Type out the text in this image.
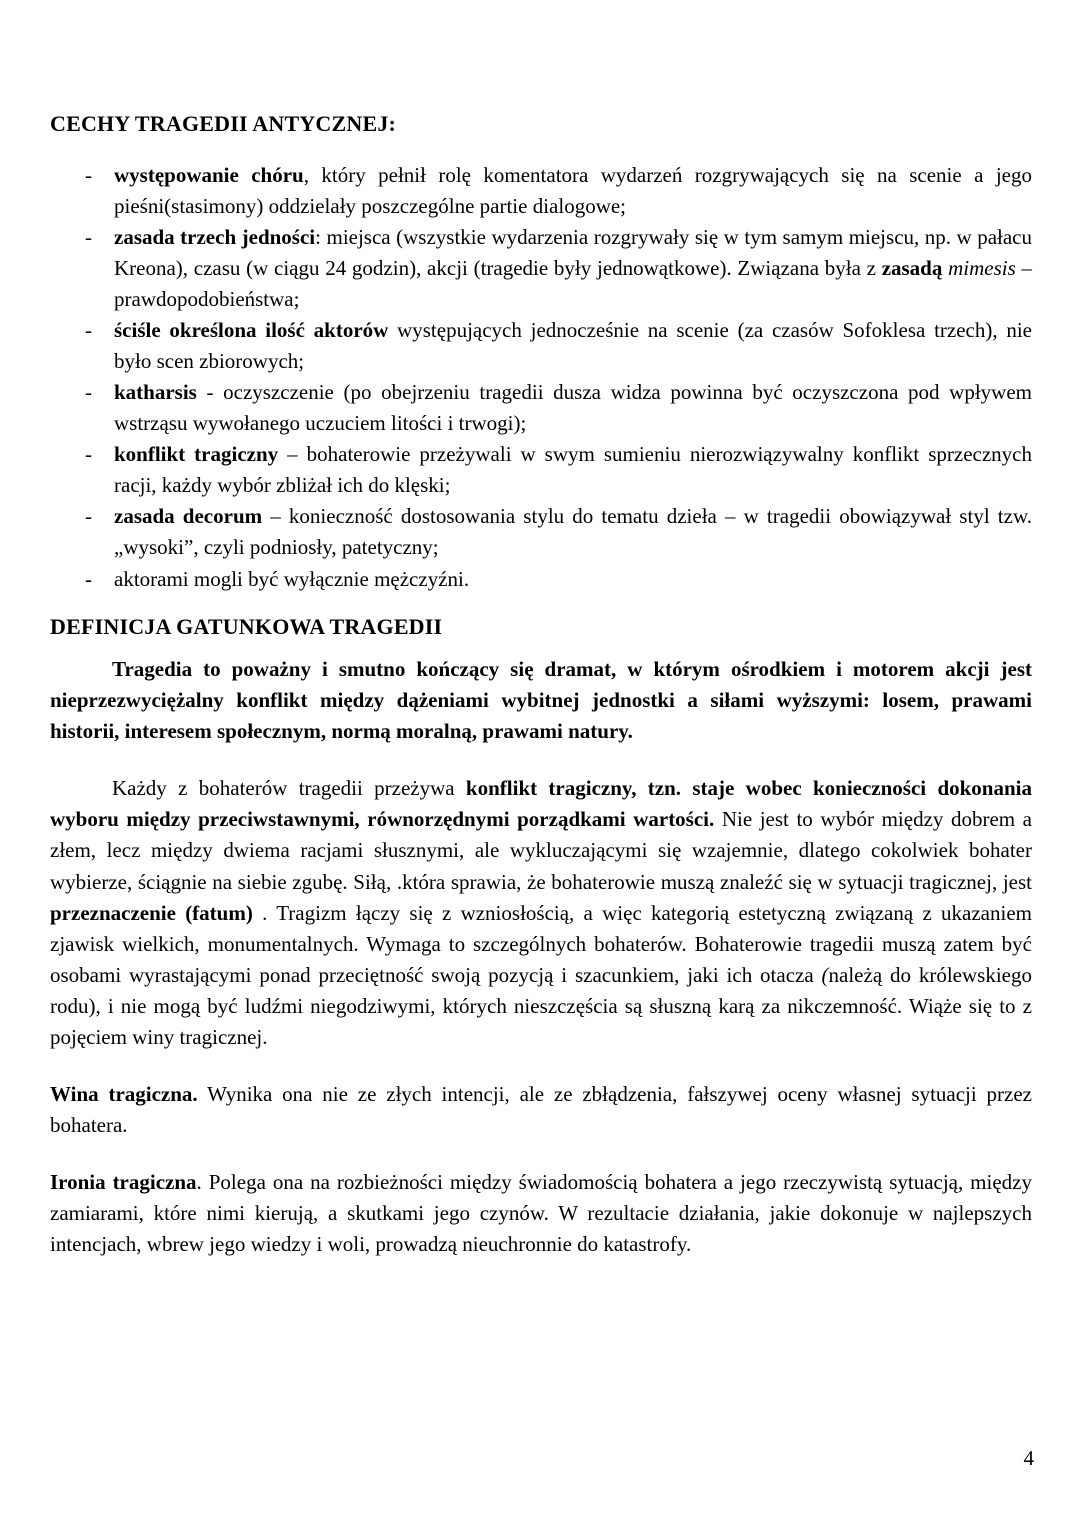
CECHY TRAGEDII ANTYCZNEJ:
- występowanie chóru, który pełnił rolę komentatora wydarzeń rozgrywających się na scenie a jego pieśni(stasimony) oddzielały poszczególne partie dialogowe;
- zasada trzech jedności: miejsca (wszystkie wydarzenia rozgrywały się w tym samym miejscu, np. w pałacu Kreona), czasu (w ciągu 24 godzin), akcji (tragedie były jednowątkowe). Związana była z zasadą mimesis – prawdopodobieństwa;
- ściśle określona ilość aktorów występujących jednocześnie na scenie (za czasów Sofoklesa trzech), nie było scen zbiorowych;
- katharsis - oczyszczenie (po obejrzeniu tragedii dusza widza powinna być oczyszczona pod wpływem wstrząsu wywołanego uczuciem litości i trwogi);
- konflikt tragiczny – bohaterowie przeżywali w swym sumieniu nierozwiązywalny konflikt sprzecznych racji, każdy wybór zbliżał ich do klęski;
- zasada decorum – konieczność dostosowania stylu do tematu dzieła – w tragedii obowiązywał styl tzw. „wysoki”, czyli podniosły, patetyczny;
- aktorami mogli być wyłącznie mężczyźni.
DEFINICJA GATUNKOWA TRAGEDII

Tragedia to poważny i smutno kończący się dramat, w którym ośrodkiem i motorem akcji jest nieprzezwyciężalny konflikt między dążeniami wybitnej jednostki a siłami wyższymi: losem, prawami historii, interesem społecznym, normą moralną, prawami natury.

Każdy z bohaterów tragedii przeżywa konflikt tragiczny, tzn. staje wobec konieczności dokonania wyboru między przeciwstawnymi, równorzędnymi porządkami wartości. Nie jest to wybór między dobrem a złem, lecz między dwiema racjami słusznymi, ale wykluczającymi się wzajemnie, dlatego cokolwiek bohater wybierze, ściągnie na siebie zgubę. Siłą, .która sprawia, że bohaterowie muszą znaleźć się w sytuacji tragicznej, jest przeznaczenie (fatum) . Tragizm łączy się z wzniosłością, a więc kategorią estetyczną związaną z ukazaniem zjawisk wielkich, monumentalnych. Wymaga to szczególnych bohaterów. Bohaterowie tragedii muszą zatem być osobami wyrastającymi ponad przeciętność swoją pozycją i szacunkiem, jaki ich otacza (należą do królewskiego rodu), i nie mogą być ludźmi niegodziwymi, których nieszczęścia są słuszną karą za nikczemność. Wiąże się to z pojęciem winy tragicznej.

Wina tragiczna. Wynika ona nie ze złych intencji, ale ze zbłądzenia, fałszywej oceny własnej sytuacji przez bohatera.

Ironia tragiczna. Polega ona na rozbieżności między świadomością bohatera a jego rzeczywistą sytuacją, między zamiarami, które nimi kierują, a skutkami jego czynów. W rezultacie działania, jakie dokonuje w najlepszych intencjach, wbrew jego wiedzy i woli, prowadzą nieuchronnie do katastrofy.

4
